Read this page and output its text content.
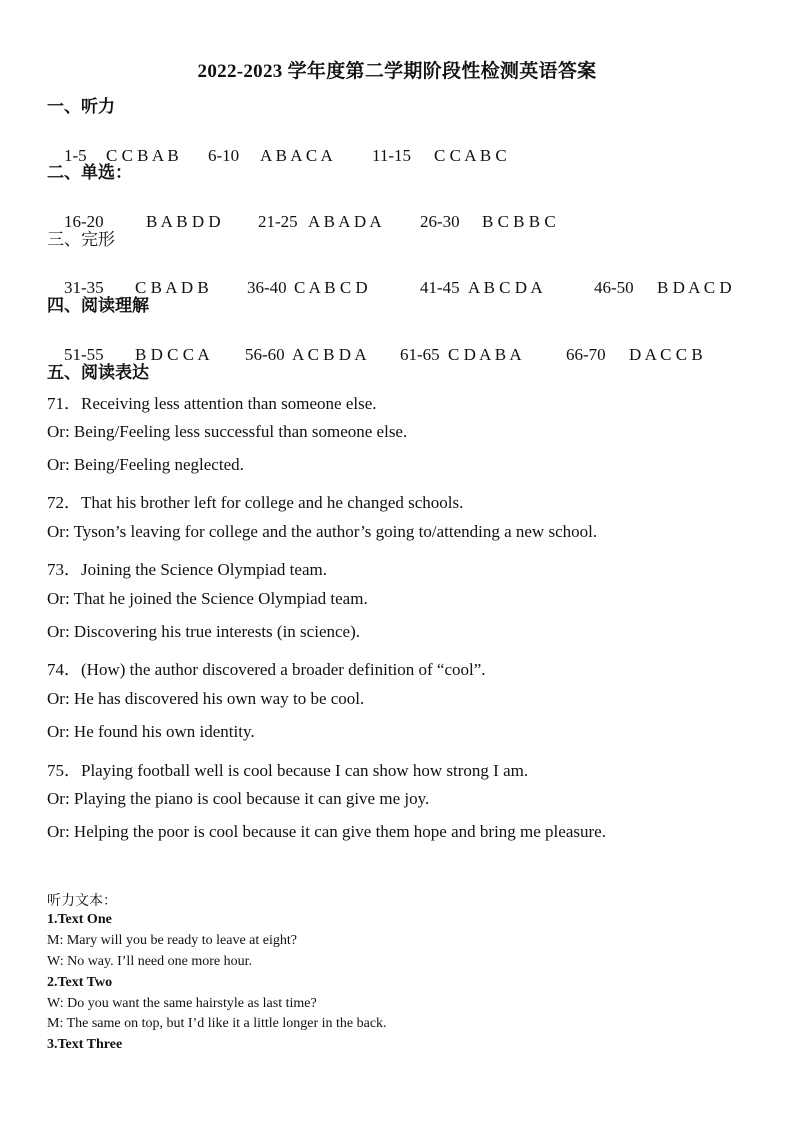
2022-2023 学年度第二学期阶段性检测英语答案
一、听力

1-5 C C B A B 6-10 A B A C A 11-15 C C A B C

二、单选：

16-20 B A B D D 21-25 A B A D A 26-30 B C B B C

三、完形

31-35 C B A D B 36-40 C A B C D	41-45 A B C D A	46-50 B D A C D

四、阅读理解

51-55 B D C C A 56-60 A C B D A 61-65 C D A B A	66-70 D A C C B

五、阅读表达
71．Receiving less attention than someone else.
Or: Being/Feeling less successful than someone else.
Or: Being/Feeling neglected.
72．That his brother left for college and he changed schools.
Or: Tyson’s leaving for college and the author’s going to/attending a new school.
73．Joining the Science Olympiad team.
Or: That he joined the Science Olympiad team.
Or: Discovering his true interests (in science).
74．(How) the author discovered a broader definition of “cool”.
Or: He has discovered his own way to be cool.
Or: He found his own identity.
75．Playing football well is cool because I can show how strong I am.
Or: Playing the piano is cool because it can give me joy.
Or: Helping the poor is cool because it can give them hope and bring me pleasure.
听力文本：
1.Text One
M: Mary will you be ready to leave at eight?
W: No way. I’ll need one more hour.
2.Text Two
W: Do you want the same hairstyle as last time?
M: The same on top, but I’d like it a little longer in the back.
3.Text Three
